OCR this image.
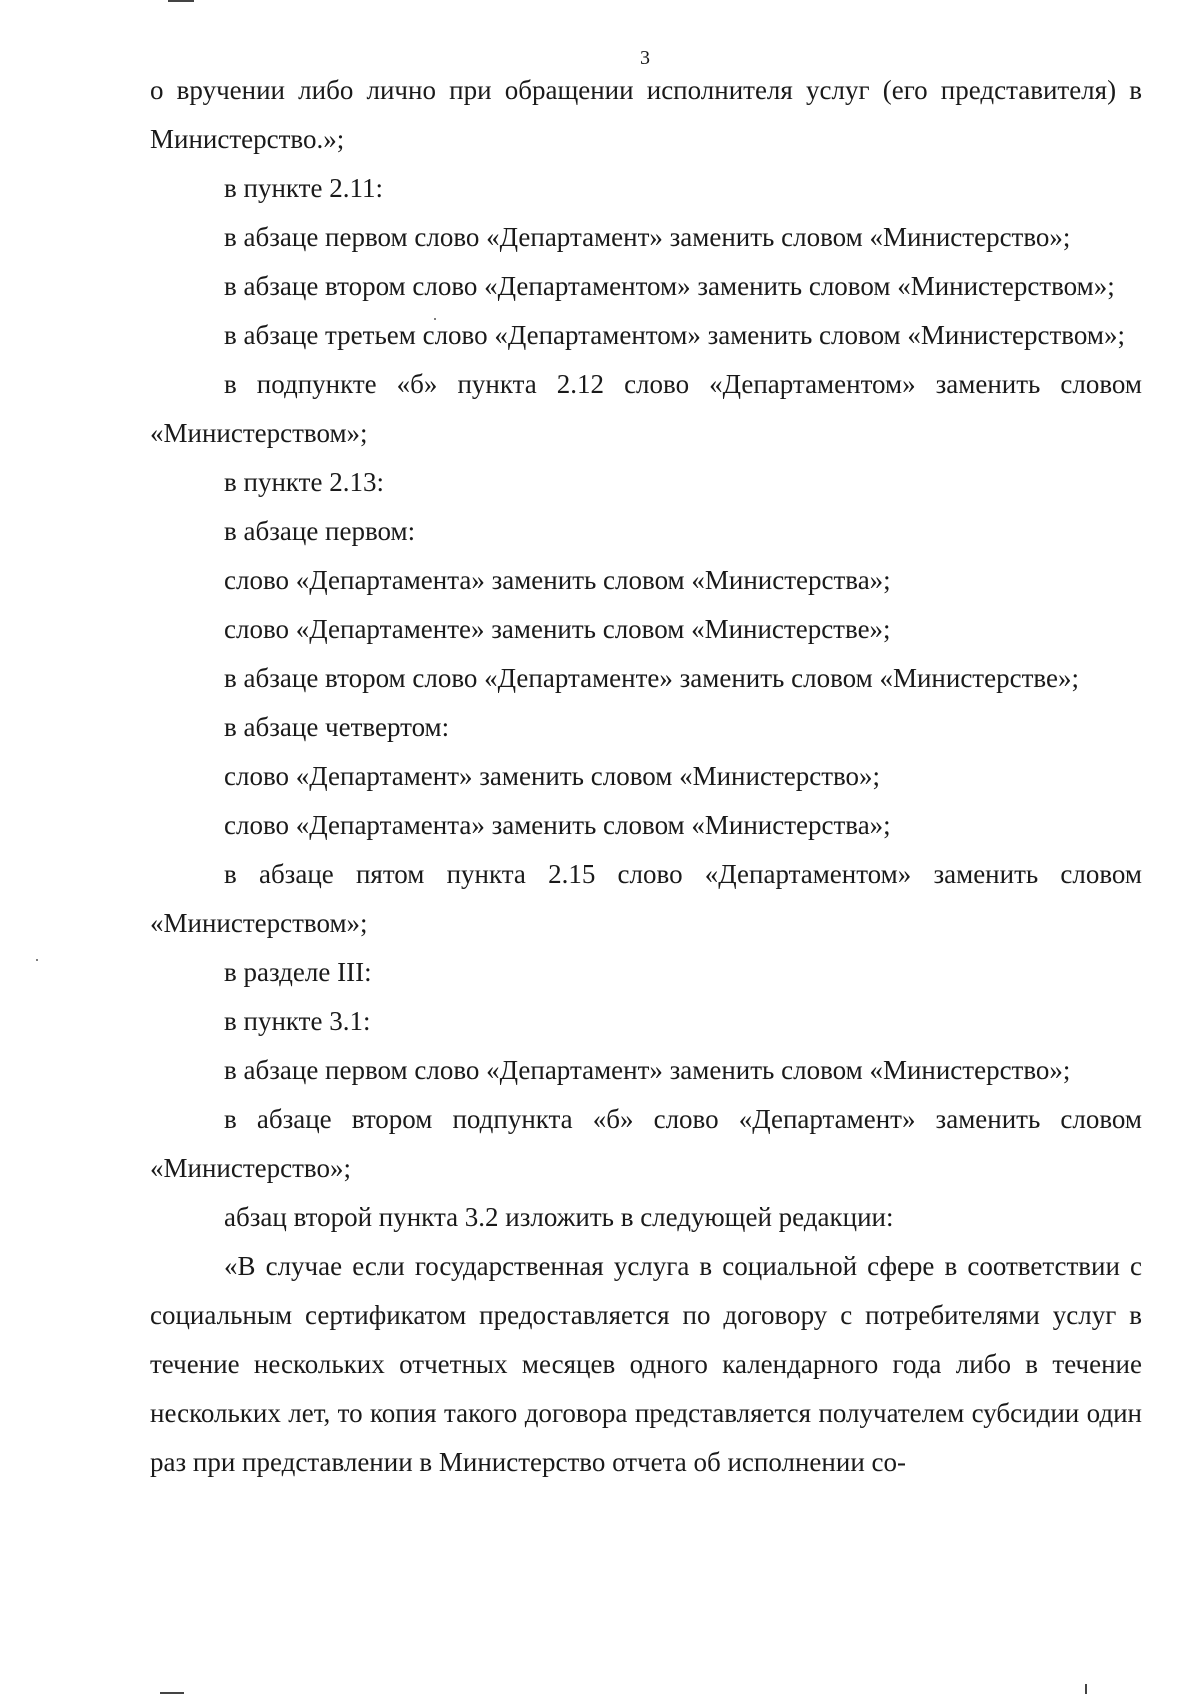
3

о вручении либо лично при обращении исполнителя услуг (его представителя) в Министерство.»;

в пункте 2.11:

в абзаце первом слово «Департамент» заменить словом «Министерство»;

в абзаце втором слово «Департаментом» заменить словом «Министерством»;

в абзаце третьем слово «Департаментом» заменить словом «Министерством»;

в подпункте «б» пункта 2.12 слово «Департаментом» заменить словом «Министерством»;

в пункте 2.13:

в абзаце первом:

слово «Департамента» заменить словом «Министерства»;

слово «Департаменте» заменить словом «Министерстве»;

в абзаце втором слово «Департаменте» заменить словом «Министерстве»;

в абзаце четвертом:

слово «Департамент» заменить словом «Министерство»;

слово «Департамента» заменить словом «Министерства»;

в абзаце пятом пункта 2.15 слово «Департаментом» заменить словом «Министерством»;

в разделе III:

в пункте 3.1:

в абзаце первом слово «Департамент» заменить словом «Министерство»;

в абзаце втором подпункта «б» слово «Департамент» заменить словом «Министерство»;

абзац второй пункта 3.2 изложить в следующей редакции:

«В случае если государственная услуга в социальной сфере в соответствии с социальным сертификатом предоставляется по договору с потребителями услуг в течение нескольких отчетных месяцев одного календарного года либо в течение нескольких лет, то копия такого договора представляется получателем субсидии один раз при представлении в Министерство отчета об исполнении со-
